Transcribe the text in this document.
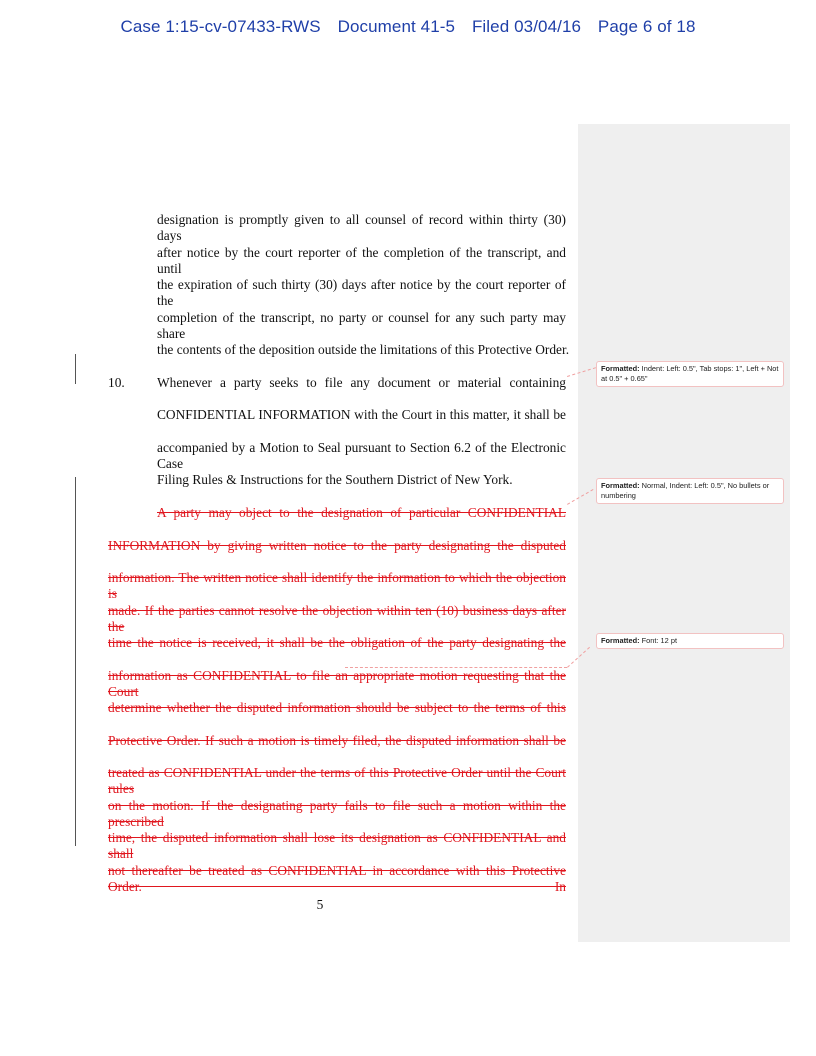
Case 1:15-cv-07433-RWS Document 41-5 Filed 03/04/16 Page 6 of 18
designation is promptly given to all counsel of record within thirty (30) days
after notice by the court reporter of the completion of the transcript, and until
the expiration of such thirty (30) days after notice by the court reporter of the
completion of the transcript, no party or counsel for any such party may share
the contents of the deposition outside the limitations of this Protective Order.
10. Whenever a party seeks to file any document or material containing
CONFIDENTIAL INFORMATION with the Court in this matter, it shall be
accompanied by a Motion to Seal pursuant to Section 6.2 of the Electronic Case
Filing Rules & Instructions for the Southern District of New York.
A party may object to the designation of particular CONFIDENTIAL
INFORMATION by giving written notice to the party designating the disputed
information. The written notice shall identify the information to which the objection is
made. If the parties cannot resolve the objection within ten (10) business days after the
time the notice is received, it shall be the obligation of the party designating the
information as CONFIDENTIAL to file an appropriate motion requesting that the Court
determine whether the disputed information should be subject to the terms of this
Protective Order. If such a motion is timely filed, the disputed information shall be
treated as CONFIDENTIAL under the terms of this Protective Order until the Court rules
on the motion. If the designating party fails to file such a motion within the prescribed
time, the disputed information shall lose its designation as CONFIDENTIAL and shall
not thereafter be treated as CONFIDENTIAL in accordance with this Protective Order. In
5
Formatted: Indent: Left: 0.5", Tab stops: 1", Left + Not at 0.5" + 0.65"
Formatted: Normal, Indent: Left: 0.5", No bullets or numbering
Formatted: Font: 12 pt
